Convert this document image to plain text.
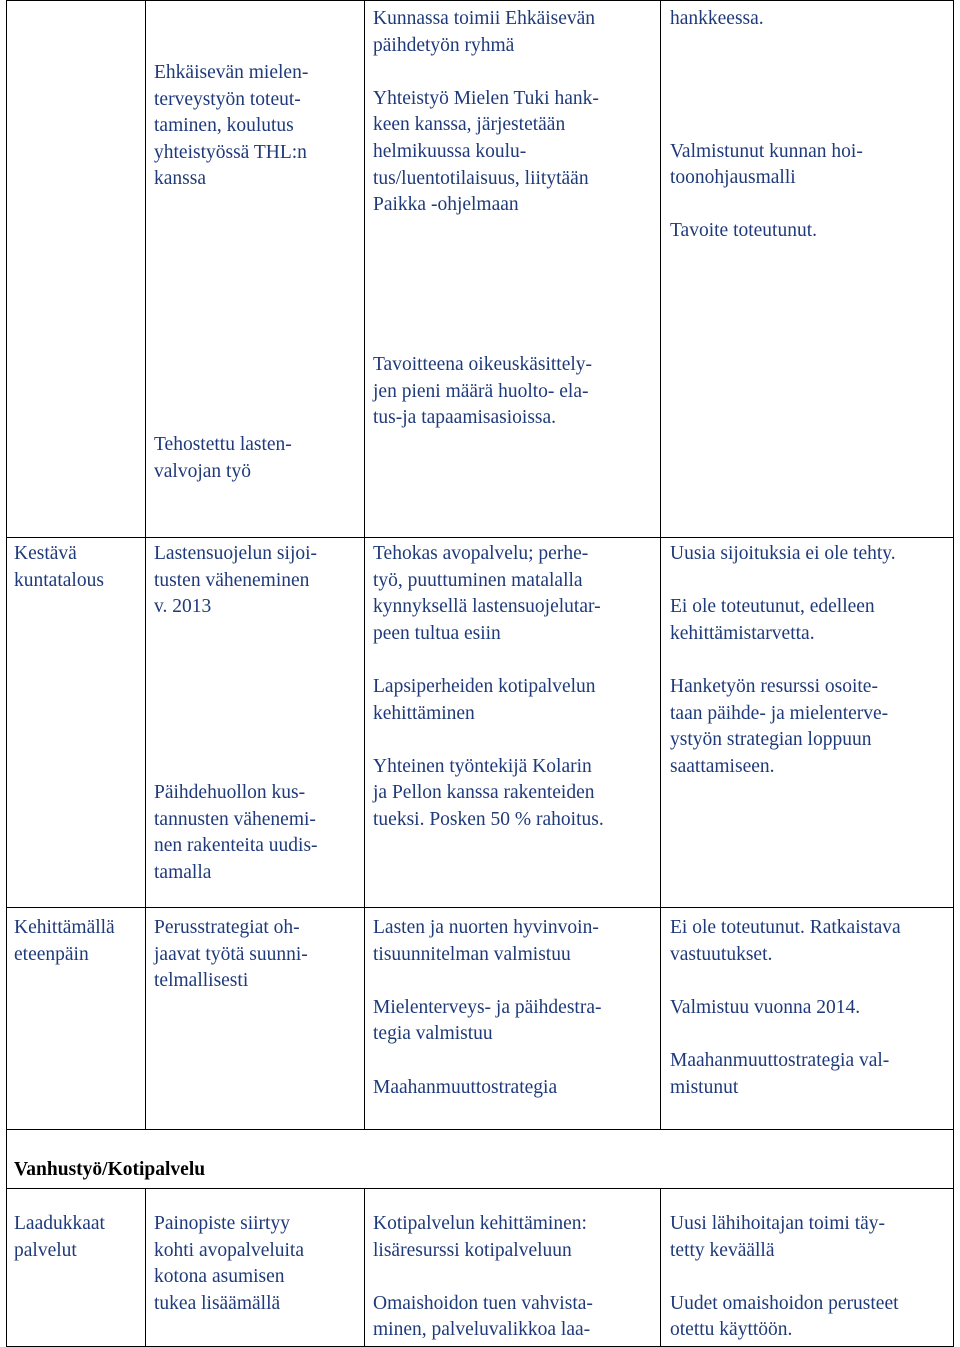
Ehkäisevän mielen-
terveystyön toteut-
taminen, koulutus
yhteistyössä THL:n
kanssa

Kunnassa toimii Ehkäisevän
päihdetyön ryhmä

Yhteistyö Mielen Tuki hank-
keen kanssa, järjestetään
helmikuussa koulu-
tus/luentotilaisuus, liitytään
Paikka -ohjelmaan

hankkeessa.

Valmistunut kunnan hoi-
toonohjausmalli

Tavoite toteutunut.

Tehostettu lasten-
valvojan työ

Tavoitteena oikeuskäsittely-
jen pieni määrä huolto- ela-
tus-ja tapaamisasioissa.

Kestävä
kuntatalous

Lastensuojelun sijoi-
tusten väheneminen
v. 2013

Päihdehuollon kus-
tannusten vähenemi-
nen rakenteita uudis-
tamalla

Tehokas avopalvelu; perhe-
työ, puuttuminen matalalla
kynnyksellä lastensuojelutar-
peen tultua esiin

Lapsiperheiden kotipalvelun
kehittäminen

Yhteinen työntekijä Kolarin
ja Pellon kanssa rakenteiden
tueksi. Posken 50 % rahoitus.

Uusia sijoituksia ei ole tehty.

Ei ole toteutunut, edelleen
kehittämistarvetta.

Hanketyön resurssi osoite-
taan päihde- ja mielenterve-
ystyön strategian loppuun
saattamiseen.

Kehittämällä
eteenpäin

Perusstrategiat oh-
jaavat työtä suunni-
telmallisesti

Lasten ja nuorten hyvinvoin-
tisuunnitelman valmistuu

Mielenterveys- ja päihdestra-
tegia valmistuu

Maahanmuuttostrategia

Ei ole toteutunut. Ratkaistava
vastuutukset.

Valmistuu vuonna 2014.

Maahanmuuttostrategia val-
mistunut

Vanhustyö/Kotipalvelu

Laadukkaat
palvelut

Painopiste siirtyy
kohti avopalveluita
kotona asumisen
tukea lisäämällä

Kotipalvelun kehittäminen:
lisäresurssi kotipalveluun

Omaishoidon tuen vahvista-
minen, palveluvalikkoa laa-

Uusi lähihoitajan toimi täy-
tetty keväällä

Uudet omaishoidon perusteet
otettu käyttöön.
